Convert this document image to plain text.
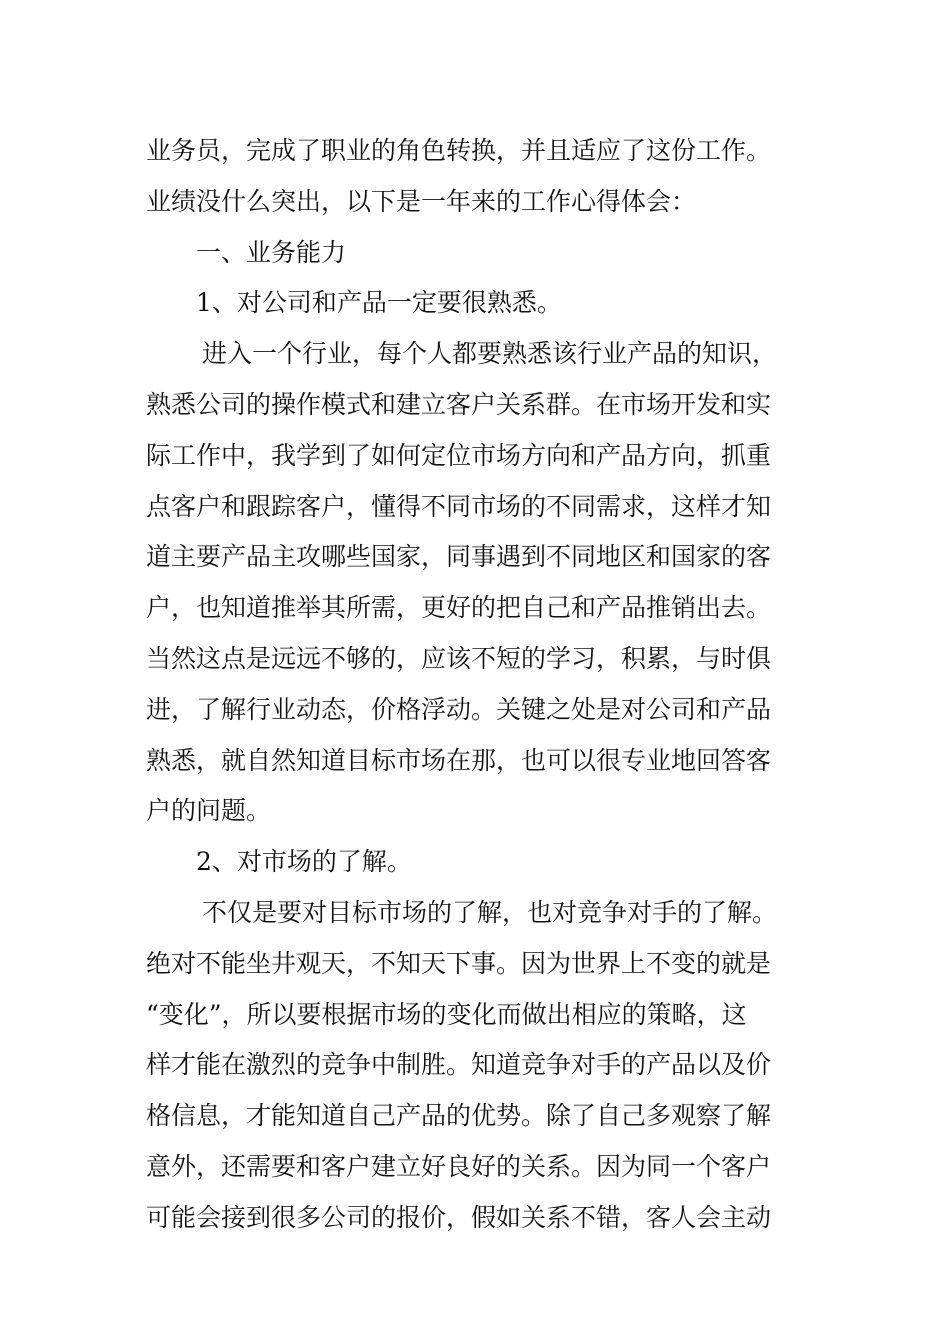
业务员，完成了职业的角色转换，并且适应了这份工作。
业绩没什么突出，以下是一年来的工作心得体会：
一、业务能力
1、对公司和产品一定要很熟悉。
进入一个行业，每个人都要熟悉该行业产品的知识，
熟悉公司的操作模式和建立客户关系群。在市场开发和实
际工作中，我学到了如何定位市场方向和产品方向，抓重
点客户和跟踪客户，懂得不同市场的不同需求，这样才知
道主要产品主攻哪些国家，同事遇到不同地区和国家的客
户，也知道推举其所需，更好的把自己和产品推销出去。
当然这点是远远不够的，应该不短的学习，积累，与时俱
进，了解行业动态，价格浮动。关键之处是对公司和产品
熟悉，就自然知道目标市场在那，也可以很专业地回答客
户的问题。
2、对市场的了解。
不仅是要对目标市场的了解，也对竞争对手的了解。
绝对不能坐井观天，不知天下事。因为世界上不变的就是
“变化”，所以要根据市场的变化而做出相应的策略，这
样才能在激烈的竞争中制胜。知道竞争对手的产品以及价
格信息，才能知道自己产品的优势。除了自己多观察了解
意外，还需要和客户建立好良好的关系。因为同一个客户
可能会接到很多公司的报价，假如关系不错，客人会主动
